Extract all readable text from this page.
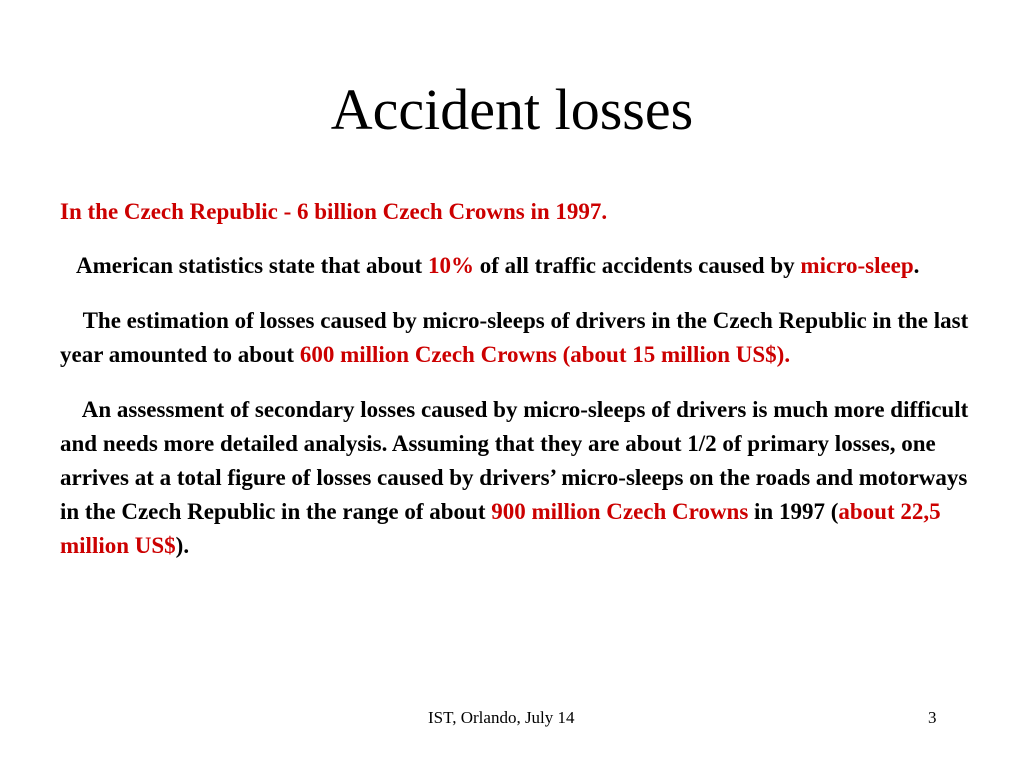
Accident losses

In the Czech Republic - 6 billion Czech Crowns in 1997.

American statistics state that about 10% of all traffic accidents caused by micro-sleep.

The estimation of losses caused by micro-sleeps of drivers in the Czech Republic in the last year amounted to about 600 million Czech Crowns (about 15 million US$).

An assessment of secondary losses caused by micro-sleeps of drivers is much more difficult and needs more detailed analysis. Assuming that they are about 1/2 of primary losses, one arrives at a total figure of losses caused by drivers’ micro-sleeps on the roads and motorways in the Czech Republic in the range of about 900 million Czech Crowns in 1997 (about 22,5 million US$).

IST, Orlando, July 14	3
